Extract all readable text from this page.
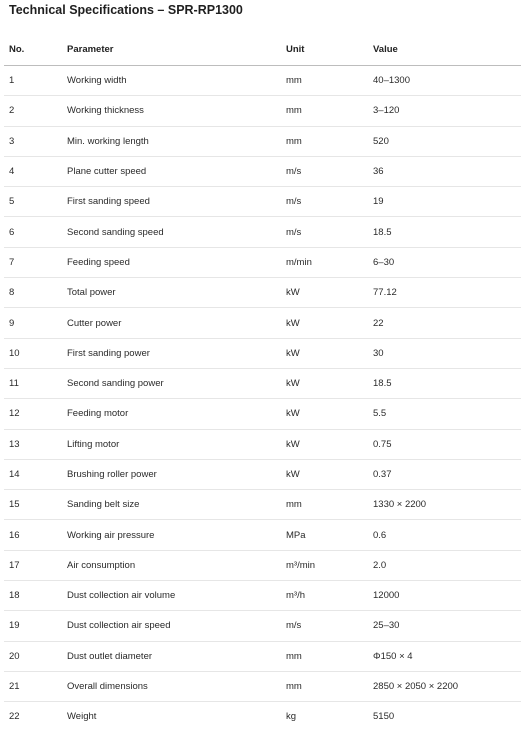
Technical Specifications – SPR-RP1300
No.	Parameter	Unit	Value
1	Working width	mm	40–1300
2	Working thickness	mm	3–120
3	Min. working length	mm	520
4	Plane cutter speed	m/s	36
5	First sanding speed	m/s	19
6	Second sanding speed	m/s	18.5
7	Feeding speed	m/min	6–30
8	Total power	kW	77.12
9	Cutter power	kW	22
10	First sanding power	kW	30
11	Second sanding power	kW	18.5
12	Feeding motor	kW	5.5
13	Lifting motor	kW	0.75
14	Brushing roller power	kW	0.37
15	Sanding belt size	mm	1330 × 2200
16	Working air pressure	MPa	0.6
17	Air consumption	m³/min	2.0
18	Dust collection air volume	m³/h	12000
19	Dust collection air speed	m/s	25–30
20	Dust outlet diameter	mm	Φ150 × 4
21	Overall dimensions	mm	2850 × 2050 × 2200
22	Weight	kg	5150
